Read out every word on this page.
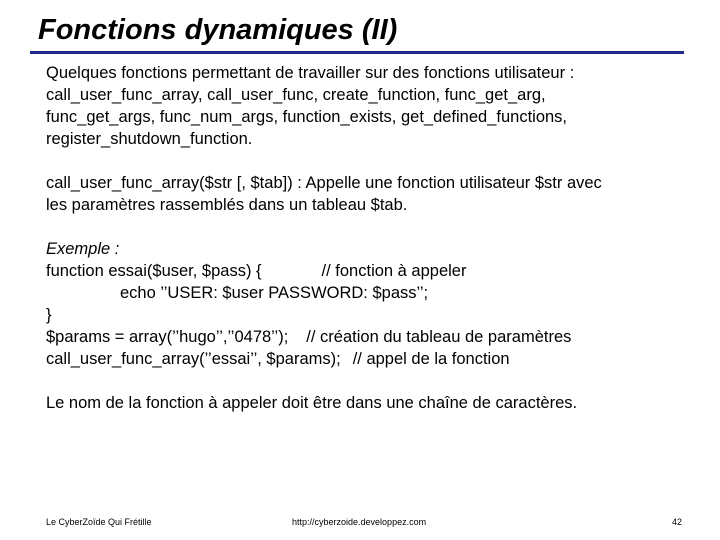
Fonctions dynamiques (II)

Quelques fonctions permettant de travailler sur des fonctions utilisateur :

call_user_func_array, call_user_func, create_function, func_get_arg,

func_get_args, func_num_args, function_exists, get_defined_functions,

register_shutdown_function.

call_user_func_array($str [, $tab]) : Appelle une fonction utilisateur $str avec

les paramètres rassemblés dans un tableau $tab.

Exemple :

function essai($user, $pass) {	// fonction à appeler

echo ’’USER: $user PASSWORD: $pass’’;

}

$params = array(’’hugo’’,’’0478’’); // création du tableau de paramètres

call_user_func_array(’’essai’’, $params); // appel de la fonction

Le nom de la fonction à appeler doit être dans une chaîne de caractères.

Le CyberZoïde Qui Frétille	http://cyberzoide.developpez.com	42
